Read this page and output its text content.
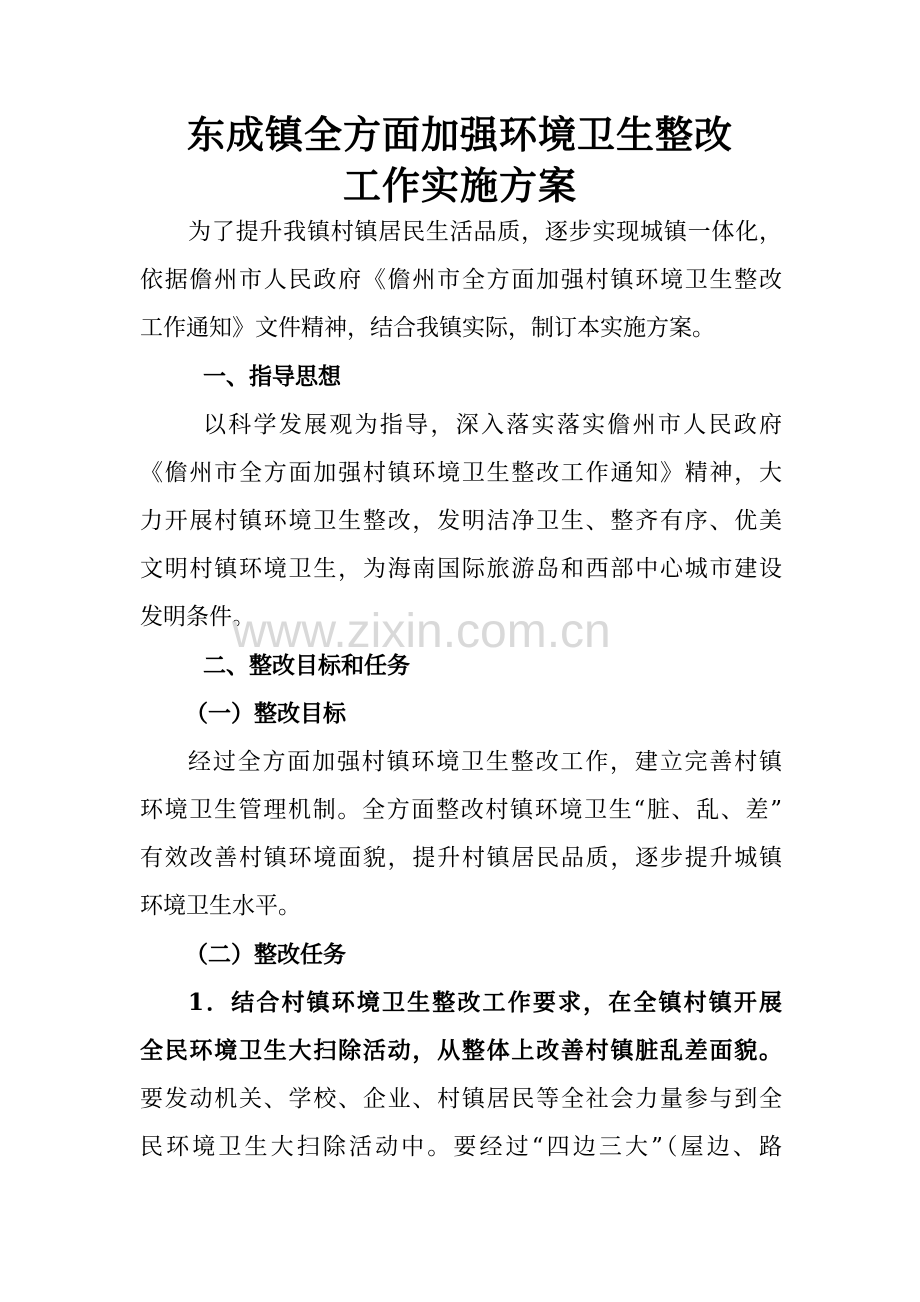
东成镇全方面加强环境卫生整改
工作实施方案
为了提升我镇村镇居民生活品质，逐步实现城镇一体化，
依据儋州市人民政府《儋州市全方面加强村镇环境卫生整改
工作通知》文件精神，结合我镇实际，制订本实施方案。
一、指导思想
以科学发展观为指导，深入落实落实儋州市人民政府
《儋州市全方面加强村镇环境卫生整改工作通知》精神，大
力开展村镇环境卫生整改，发明洁净卫生、整齐有序、优美
文明村镇环境卫生，为海南国际旅游岛和西部中心城市建设
发明条件。
www.zixin.com.cn
二、整改目标和任务
（一）整改目标
经过全方面加强村镇环境卫生整改工作，建立完善村镇
环境卫生管理机制。全方面整改村镇环境卫生“脏、乱、差”
有效改善村镇环境面貌，提升村镇居民品质，逐步提升城镇
环境卫生水平。
（二）整改任务
1．结合村镇环境卫生整改工作要求，在全镇村镇开展
全民环境卫生大扫除活动，从整体上改善村镇脏乱差面貌。
要发动机关、学校、企业、村镇居民等全社会力量参与到全
民环境卫生大扫除活动中。要经过“四边三大”（屋边、路
